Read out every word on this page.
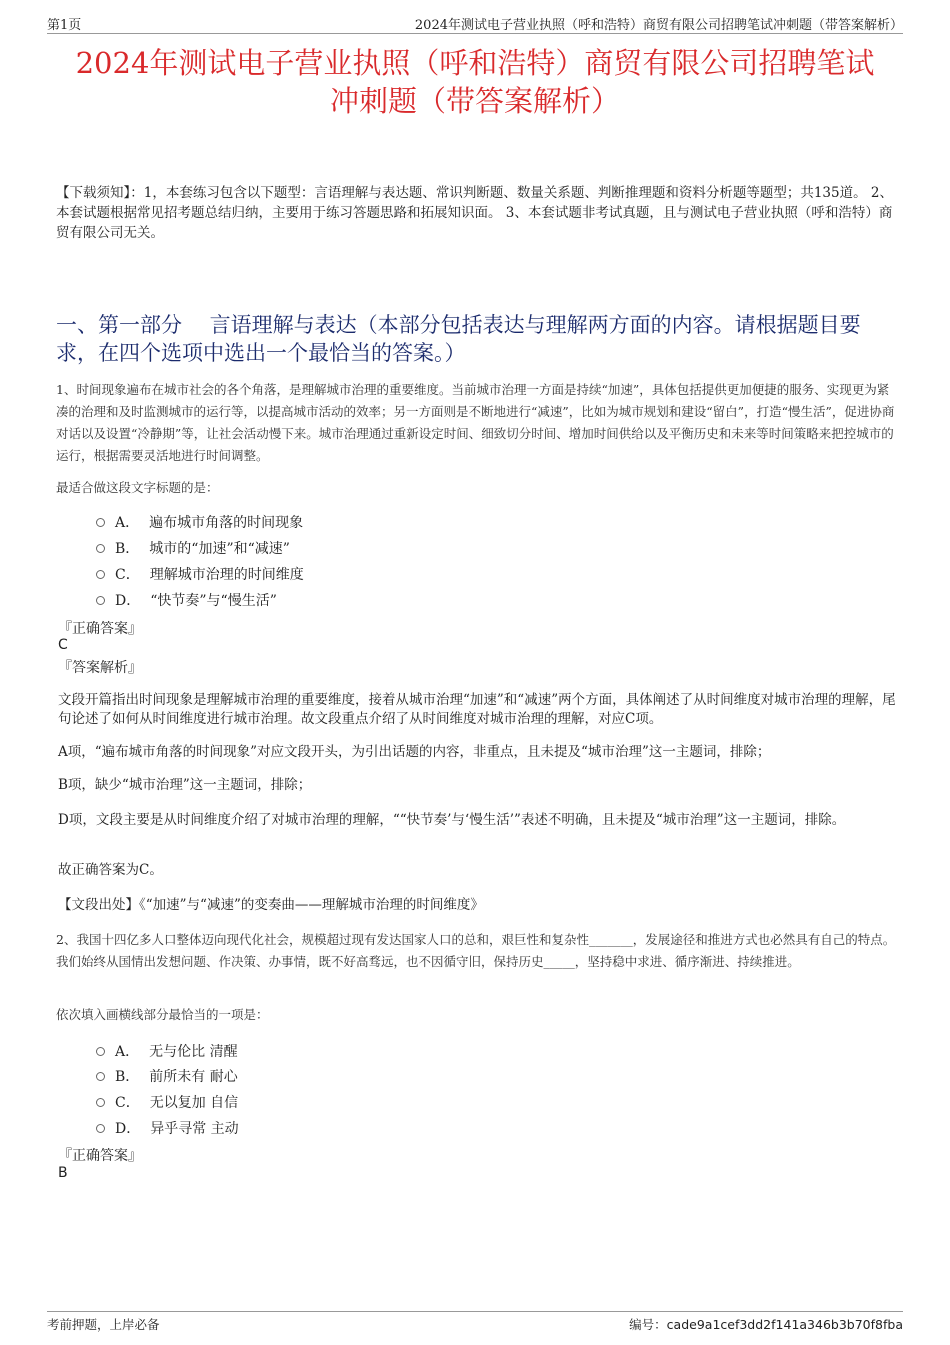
第1页	2024年测试电子营业执照（呼和浩特）商贸有限公司招聘笔试冲刺题（带答案解析）
2024年测试电子营业执照（呼和浩特）商贸有限公司招聘笔试
冲刺题（带答案解析）
【下载须知】：1，本套练习包含以下题型：言语理解与表达题、常识判断题、数量关系题、判断推理题和资料分析题等题型；共135道。 2、本套试题根据常见招考题总结归纳，主要用于练习答题思路和拓展知识面。 3、本套试题非考试真题，且与测试电子营业执照（呼和浩特）商贸有限公司无关。
一、第一部分　 言语理解与表达（本部分包括表达与理解两方面的内容。请根据题目要求，在四个选项中选出一个最恰当的答案。）
1、时间现象遍布在城市社会的各个角落，是理解城市治理的重要维度。当前城市治理一方面是持续“加速”，具体包括提供更加便捷的服务、实现更为紧凑的治理和及时监测城市的运行等，以提高城市活动的效率；另一方面则是不断地进行“减速”，比如为城市规划和建设“留白”，打造“慢生活”，促进协商对话以及设置“冷静期”等，让社会活动慢下来。城市治理通过重新设定时间、细致切分时间、增加时间供给以及平衡历史和未来等时间策略来把控城市的运行，根据需要灵活地进行时间调整。
最适合做这段文字标题的是：
A． 遍布城市角落的时间现象
B． 城市的“加速”和“减速”
C． 理解城市治理的时间维度
D． “快节奏”与“慢生活”
『正确答案』
C
『答案解析』
文段开篇指出时间现象是理解城市治理的重要维度，接着从城市治理“加速”和“减速”两个方面，具体阐述了从时间维度对城市治理的理解，尾句论述了如何从时间维度进行城市治理。故文段重点介绍了从时间维度对城市治理的理解，对应C项。
A项，“遍布城市角落的时间现象”对应文段开头，为引出话题的内容，非重点，且未提及“城市治理”这一主题词，排除；
B项，缺少“城市治理”这一主题词，排除；
D项，文段主要是从时间维度介绍了对城市治理的理解，““快节奏’与‘慢生活’”表述不明确，且未提及“城市治理”这一主题词，排除。
故正确答案为C。
【文段出处】《“加速”与“减速”的变奏曲——理解城市治理的时间维度》
2、我国十四亿多人口整体迈向现代化社会，规模超过现有发达国家人口的总和，艰巨性和复杂性_______，发展途径和推进方式也必然具有自己的特点。我们始终从国情出发想问题、作决策、办事情，既不好高骛远，也不因循守旧，保持历史_____，坚持稳中求进、循序渐进、持续推进。
依次填入画横线部分最恰当的一项是：
A． 无与伦比 清醒
B． 前所未有 耐心
C． 无以复加 自信
D． 异乎寻常 主动
『正确答案』
B
考前押题，上岸必备	编号：cade9a1cef3dd2f141a346b3b70f8fba
